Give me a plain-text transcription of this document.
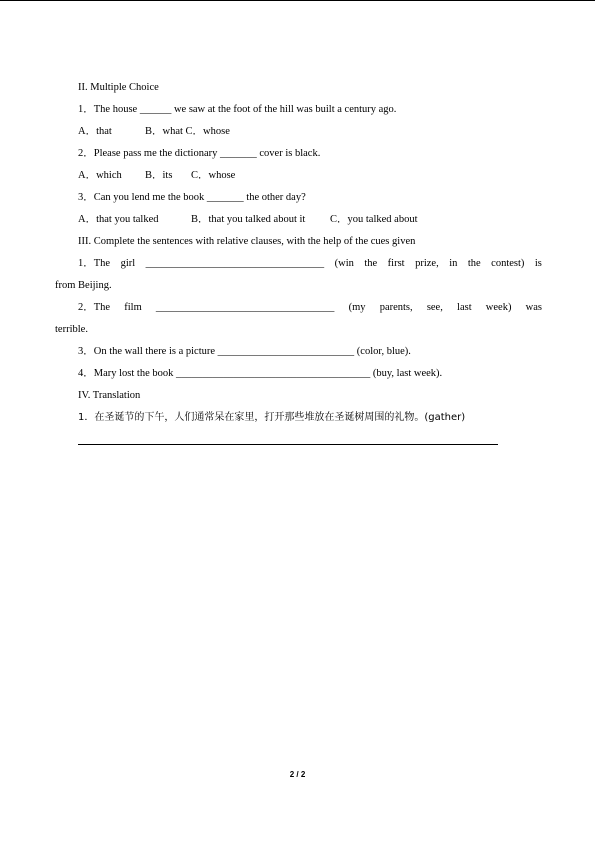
II. Multiple Choice
1．The house ______ we saw at the foot of the hill was built a century ago.
A．that	B．what C．whose
2．Please pass me the dictionary _______ cover is black.
A．which B．its C．whose
3．Can you lend me the book _______ the other day?
A．that you talked	B．that you talked about it C．you talked about
III. Complete the sentences with relative clauses, with the help of the cues given
1．The girl __________________________________ (win the first prize, in the contest) is
from Beijing.
2．The film __________________________________ (my parents, see, last week) was
terrible.
3．On the wall there is a picture __________________________ (color, blue).
4．Mary lost the book _____________________________________ (buy, last week).
IV. Translation
1．在圣诞节的下午，人们通常呆在家里，打开那些堆放在圣诞树周围的礼物。(gather)
2 / 2
